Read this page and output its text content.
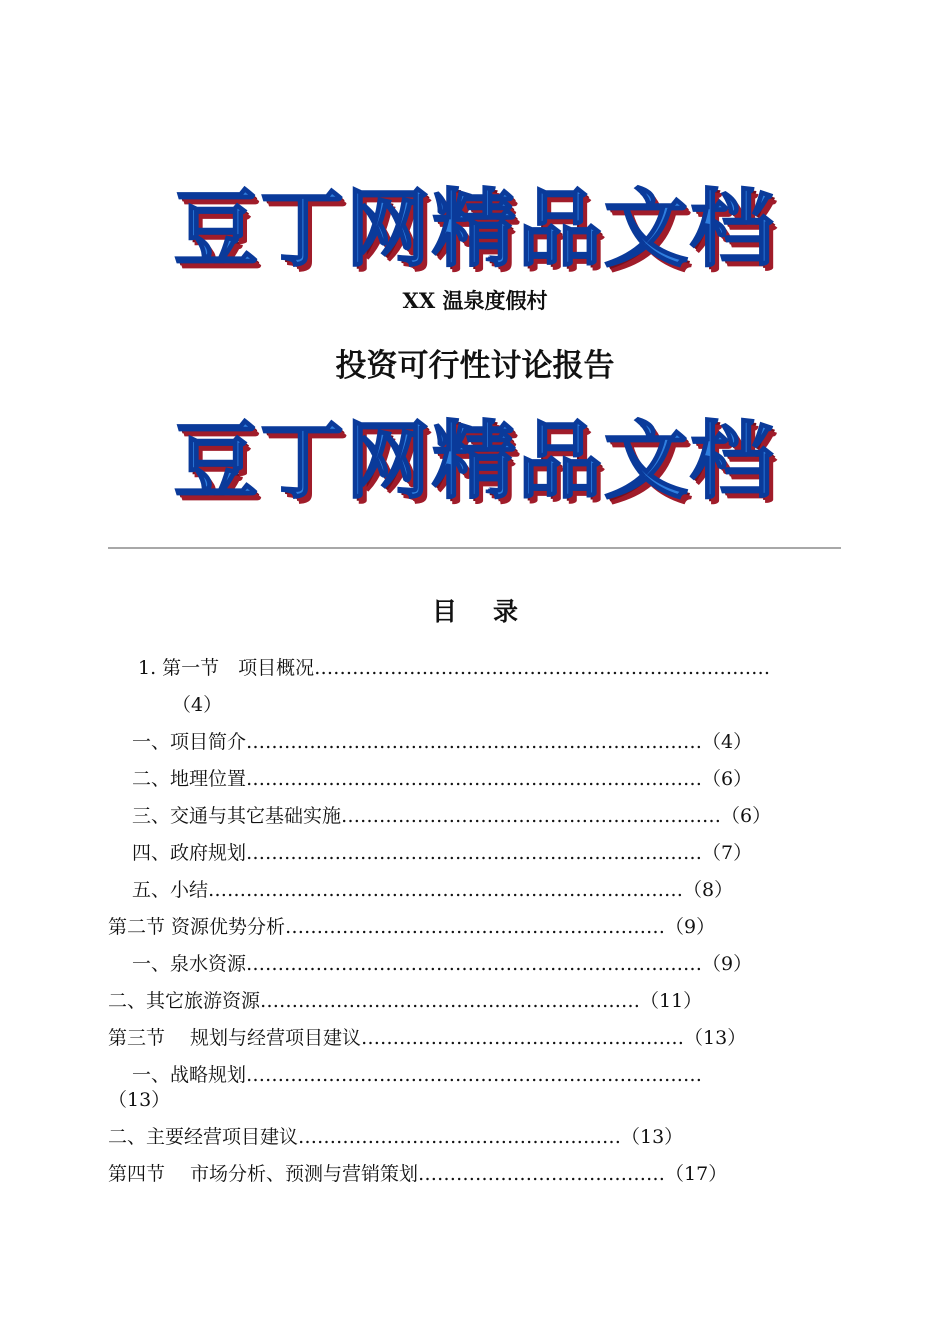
豆丁网精品文档
XX 温泉度假村
投资可行性讨论报告
豆丁网精品文档
目录
1. 第一节　项目概况………………………………………………………………
（4）
一、项目简介………………………………………………………………（4）
二、地理位置………………………………………………………………（6）
三、交通与其它基础实施……………………………………………………（6）
四、政府规划………………………………………………………………（7）
五、小结…………………………………………………………………（8）
第二节 资源优势分析……………………………………………………（9）
一、泉水资源………………………………………………………………（9）
二、其它旅游资源……………………………………………………（11）
第三节　 规划与经营项目建议……………………………………………（13）
一、战略规划………………………………………………………………
（13）
二、主要经营项目建议……………………………………………（13）
第四节　 市场分析、预测与营销策划…………………………………（17）
